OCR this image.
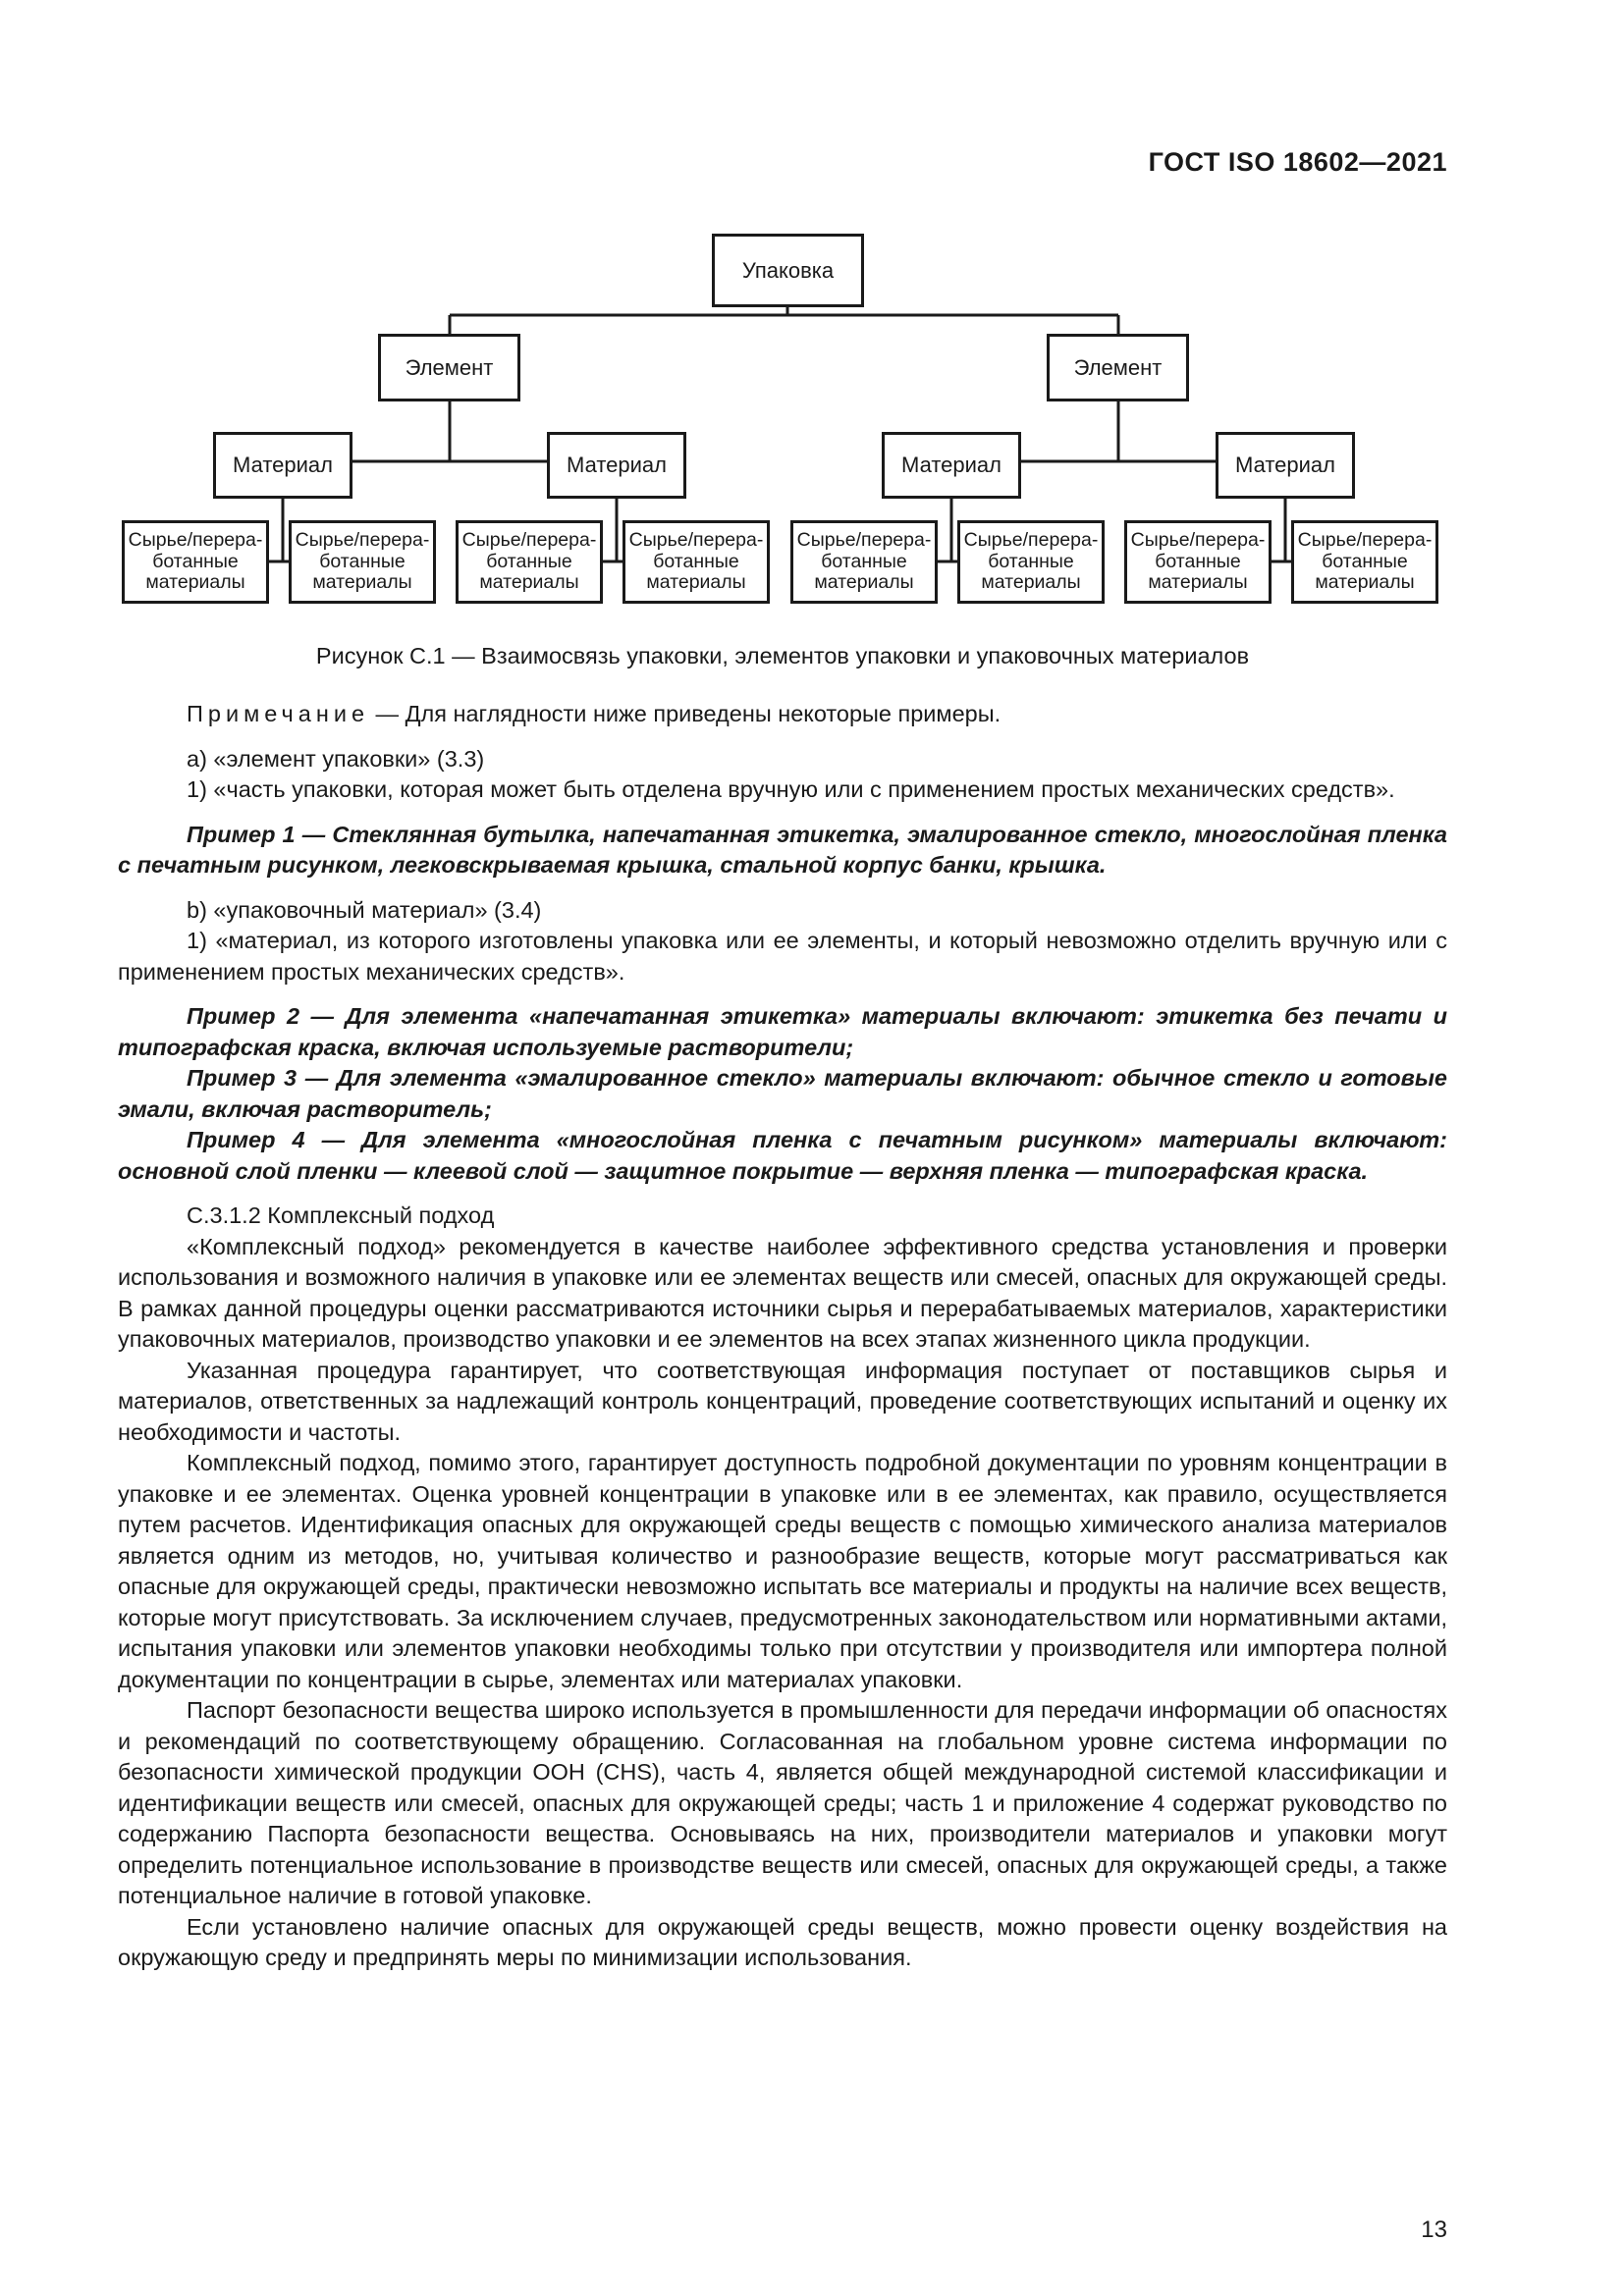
ГОСТ ISO 18602—2021
Упаковка
Элемент	Элемент
Материал	Материал	Материал	Материал
Сырье/перера-ботанные материалы
Сырье/перера-ботанные материалы
Сырье/перера-ботанные материалы
Сырье/перера-ботанные материалы
Сырье/перера-ботанные материалы
Сырье/перера-ботанные материалы
Сырье/перера-ботанные материалы
Сырье/перера-ботанные материалы
Рисунок С.1 — Взаимосвязь упаковки, элементов упаковки и упаковочных материалов

Примечание — Для наглядности ниже приведены некоторые примеры.

a) «элемент упаковки» (3.3)

1) «часть упаковки, которая может быть отделена вручную или с применением простых механических средств».

Пример 1 — Стеклянная бутылка, напечатанная этикетка, эмалированное стекло, многослойная пленка с печатным рисунком, легковскрываемая крышка, стальной корпус банки, крышка.

b) «упаковочный материал» (3.4)

1) «материал, из которого изготовлены упаковка или ее элементы, и который невозможно отделить вручную или с применением простых механических средств».

Пример 2 — Для элемента «напечатанная этикетка» материалы включают: этикетка без печати и типографская краска, включая используемые растворители;

Пример 3 — Для элемента «эмалированное стекло» материалы включают: обычное стекло и готовые эмали, включая растворитель;

Пример 4 — Для элемента «многослойная пленка с печатным рисунком» материалы включают: основной слой пленки — клеевой слой — защитное покрытие — верхняя пленка — типографская краска.

С.3.1.2 Комплексный подход

«Комплексный подход» рекомендуется в качестве наиболее эффективного средства установления и проверки использования и возможного наличия в упаковке или ее элементах веществ или смесей, опасных для окружающей среды. В рамках данной процедуры оценки рассматриваются источники сырья и перерабатываемых материалов, характеристики упаковочных материалов, производство упаковки и ее элементов на всех этапах жизненного цикла продукции.

Указанная процедура гарантирует, что соответствующая информация поступает от поставщиков сырья и материалов, ответственных за надлежащий контроль концентраций, проведение соответствующих испытаний и оценку их необходимости и частоты.

Комплексный подход, помимо этого, гарантирует доступность подробной документации по уровням концентрации в упаковке и ее элементах. Оценка уровней концентрации в упаковке или в ее элементах, как правило, осуществляется путем расчетов. Идентификация опасных для окружающей среды веществ с помощью химического анализа материалов является одним из методов, но, учитывая количество и разнообразие веществ, которые могут рассматриваться как опасные для окружающей среды, практически невозможно испытать все материалы и продукты на наличие всех веществ, которые могут присутствовать. За исключением случаев, предусмотренных законодательством или нормативными актами, испытания упаковки или элементов упаковки необходимы только при отсутствии у производителя или импортера полной документации по концентрации в сырье, элементах или материалах упаковки.

Паспорт безопасности вещества широко используется в промышленности для передачи информации об опасностях и рекомендаций по соответствующему обращению. Согласованная на глобальном уровне система информации по безопасности химической продукции ООН (CHS), часть 4, является общей международной системой классификации и идентификации веществ или смесей, опасных для окружающей среды; часть 1 и приложение 4 содержат руководство по содержанию Паспорта безопасности вещества. Основываясь на них, производители материалов и упаковки могут определить потенциальное использование в производстве веществ или смесей, опасных для окружающей среды, а также потенциальное наличие в готовой упаковке.

Если установлено наличие опасных для окружающей среды веществ, можно провести оценку воздействия на окружающую среду и предпринять меры по минимизации использования.

13
